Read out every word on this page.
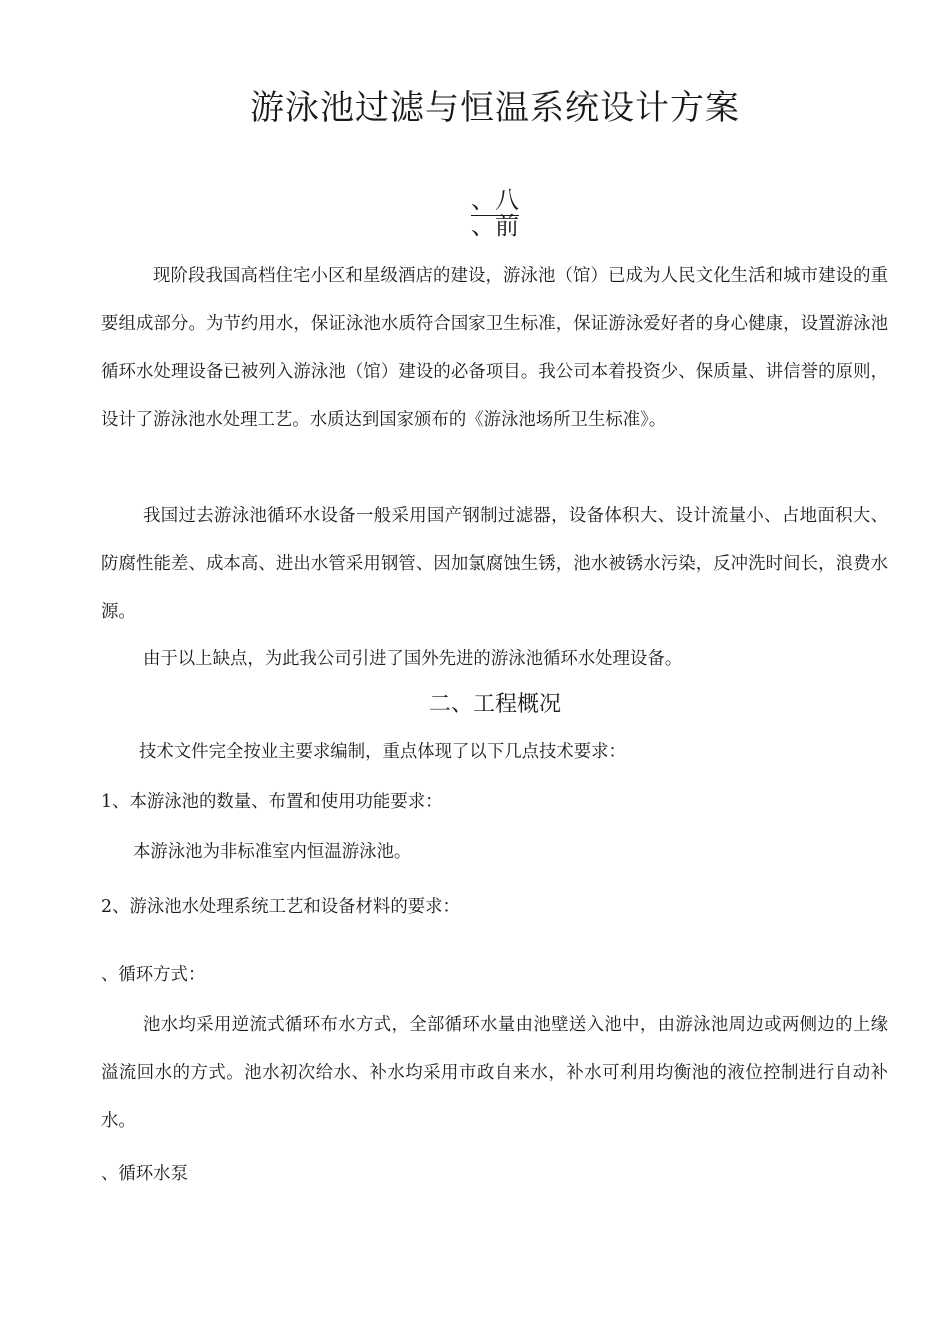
游泳池过滤与恒温系统设计方案
、八
、前
现阶段我国高档住宅小区和星级酒店的建设，游泳池（馆）已成为人民文化生活和城市建设的重要组成部分。为节约用水，保证泳池水质符合国家卫生标准，保证游泳爱好者的身心健康，设置游泳池循环水处理设备已被列入游泳池（馆）建设的必备项目。我公司本着投资少、保质量、讲信誉的原则，设计了游泳池水处理工艺。水质达到国家颁布的《游泳池场所卫生标准》。
我国过去游泳池循环水设备一般采用国产钢制过滤器，设备体积大、设计流量小、占地面积大、防腐性能差、成本高、进出水管采用钢管、因加氯腐蚀生锈，池水被锈水污染，反冲洗时间长，浪费水源。
由于以上缺点，为此我公司引进了国外先进的游泳池循环水处理设备。
二、工程概况
技术文件完全按业主要求编制，重点体现了以下几点技术要求：
1、本游泳池的数量、布置和使用功能要求：
本游泳池为非标准室内恒温游泳池。
2、游泳池水处理系统工艺和设备材料的要求：
、循环方式：
池水均采用逆流式循环布水方式，全部循环水量由池壁送入池中，由游泳池周边或两侧边的上缘溢流回水的方式。池水初次给水、补水均采用市政自来水，补水可利用均衡池的液位控制进行自动补水。
、循环水泵
